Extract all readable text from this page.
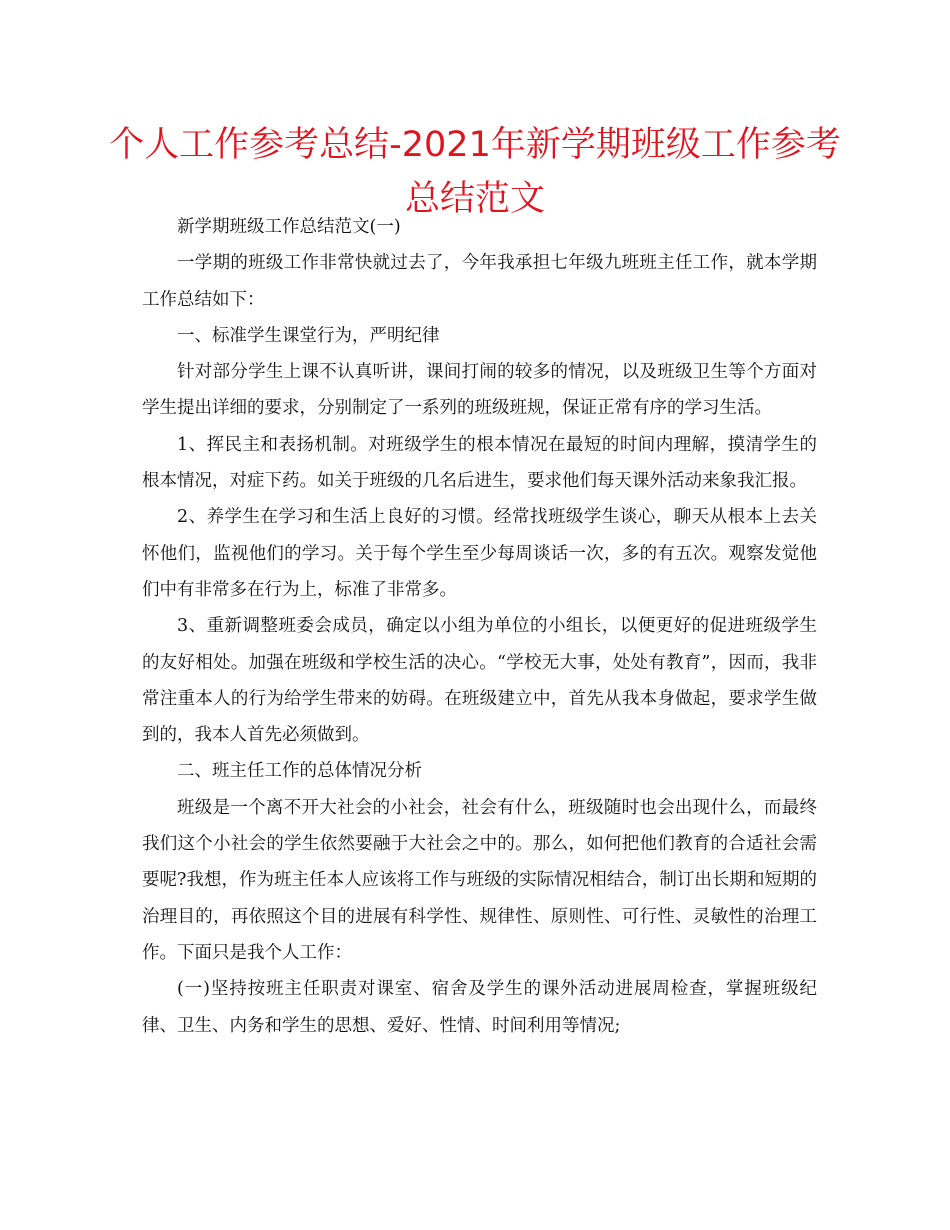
个人工作参考总结-2021年新学期班级工作参考总结范文

新学期班级工作总结范文(一)

一学期的班级工作非常快就过去了，今年我承担七年级九班班主任工作，就本学期工作总结如下：

一、标准学生课堂行为，严明纪律

针对部分学生上课不认真听讲，课间打闹的较多的情况，以及班级卫生等个方面对学生提出详细的要求，分别制定了一系列的班级班规，保证正常有序的学习生活。

1、挥民主和表扬机制。对班级学生的根本情况在最短的时间内理解，摸清学生的根本情况，对症下药。如关于班级的几名后进生，要求他们每天课外活动来象我汇报。

2、养学生在学习和生活上良好的习惯。经常找班级学生谈心，聊天从根本上去关怀他们，监视他们的学习。关于每个学生至少每周谈话一次，多的有五次。观察发觉他们中有非常多在行为上，标准了非常多。

3、重新调整班委会成员，确定以小组为单位的小组长，以便更好的促进班级学生的友好相处。加强在班级和学校生活的决心。“学校无大事，处处有教育”，因而，我非常注重本人的行为给学生带来的妨碍。在班级建立中，首先从我本身做起，要求学生做到的，我本人首先必须做到。

二、班主任工作的总体情况分析

班级是一个离不开大社会的小社会，社会有什么，班级随时也会出现什么，而最终我们这个小社会的学生依然要融于大社会之中的。那么，如何把他们教育的合适社会需要呢?我想，作为班主任本人应该将工作与班级的实际情况相结合，制订出长期和短期的治理目的，再依照这个目的进展有科学性、规律性、原则性、可行性、灵敏性的治理工作。下面只是我个人工作：

(一)坚持按班主任职责对课室、宿舍及学生的课外活动进展周检查，掌握班级纪律、卫生、内务和学生的思想、爱好、性情、时间利用等情况;
